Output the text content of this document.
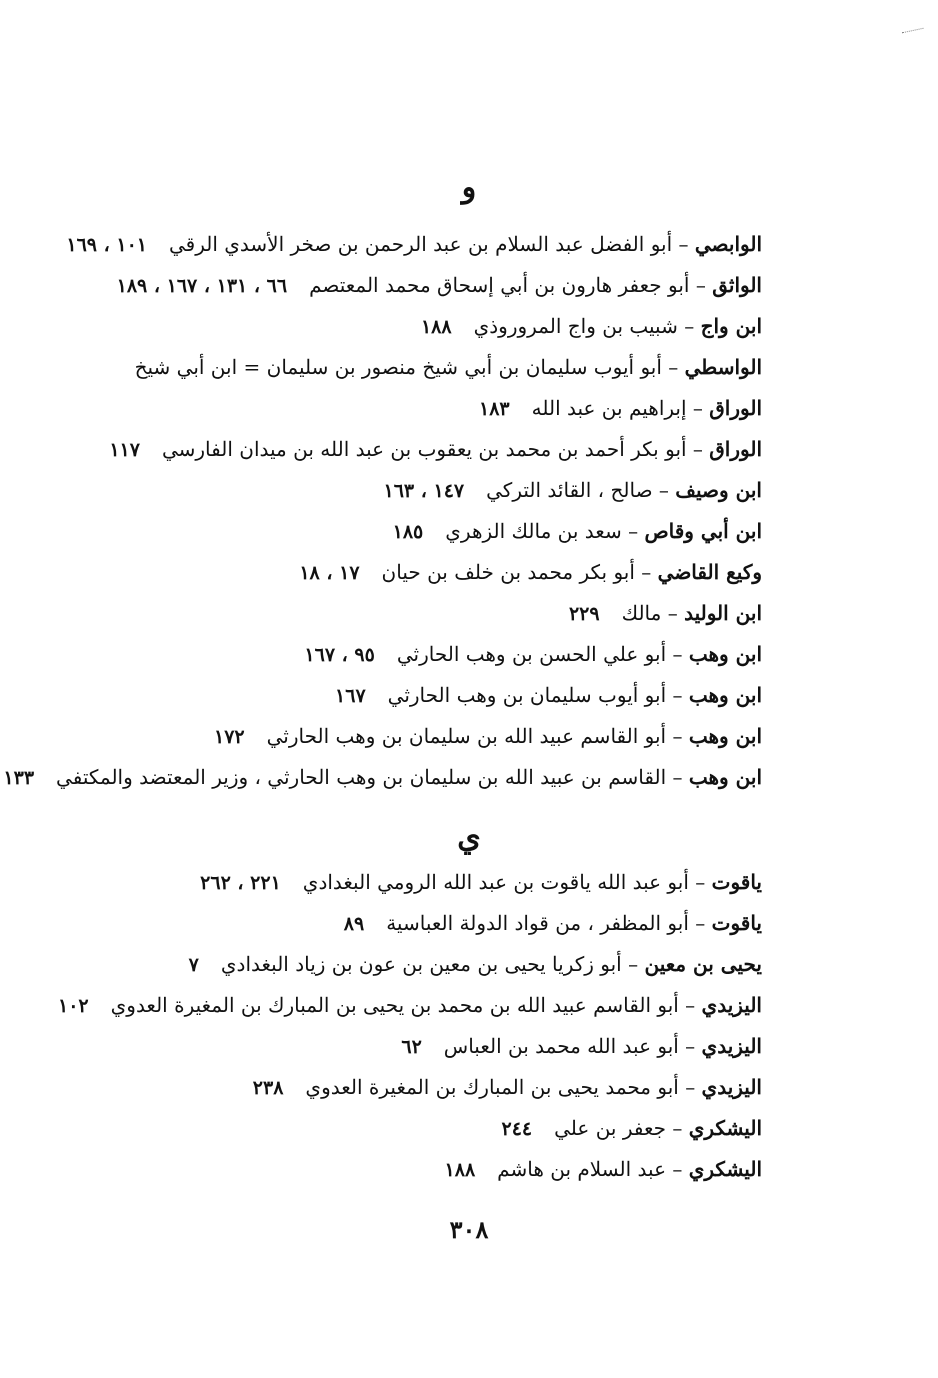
و
الوابصي – أبو الفضل عبد السلام بن عبد الرحمن بن صخر الأسدي الرقي١٠١ ، ١٦٩
الواثق – أبو جعفر هارون بن أبي إسحاق محمد المعتصم٦٦ ، ١٣١ ، ١٦٧ ، ١٨٩
ابن واج – شبيب بن واج المروروذي١٨٨
الواسطي – أبو أيوب سليمان بن أبي شيخ منصور بن سليمان = ابن أبي شيخ
الوراق – إبراهيم بن عبد الله١٨٣
الوراق – أبو بكر أحمد بن محمد بن يعقوب بن عبد الله بن ميدان الفارسي١١٧
ابن وصيف – صالح ، القائد التركي١٤٧ ، ١٦٣
ابن أبي وقاص – سعد بن مالك الزهري١٨٥
وكيع القاضي – أبو بكر محمد بن خلف بن حيان١٧ ، ١٨
ابن الوليد – مالك٢٢٩
ابن وهب – أبو علي الحسن بن وهب الحارثي٩٥ ، ١٦٧
ابن وهب – أبو أيوب سليمان بن وهب الحارثي١٦٧
ابن وهب – أبو القاسم عبيد الله بن سليمان بن وهب الحارثي١٧٢
ابن وهب – القاسم بن عبيد الله بن سليمان بن وهب الحارثي ، وزير المعتضد والمكتفي١٣٣
ي
ياقوت – أبو عبد الله ياقوت بن عبد الله الرومي البغدادي٢٢١ ، ٢٦٢
ياقوت – أبو المظفر ، من قواد الدولة العباسية٨٩
يحيى بن معين – أبو زكريا يحيى بن معين بن عون بن زياد البغدادي٧
اليزيدي – أبو القاسم عبيد الله بن محمد بن يحيى بن المبارك بن المغيرة العدوي١٠٢
اليزيدي – أبو عبد الله محمد بن العباس٦٢
اليزيدي – أبو محمد يحيى بن المبارك بن المغيرة العدوي٢٣٨
اليشكري – جعفر بن علي٢٤٤
اليشكري – عبد السلام بن هاشم١٨٨
٣٠٨
